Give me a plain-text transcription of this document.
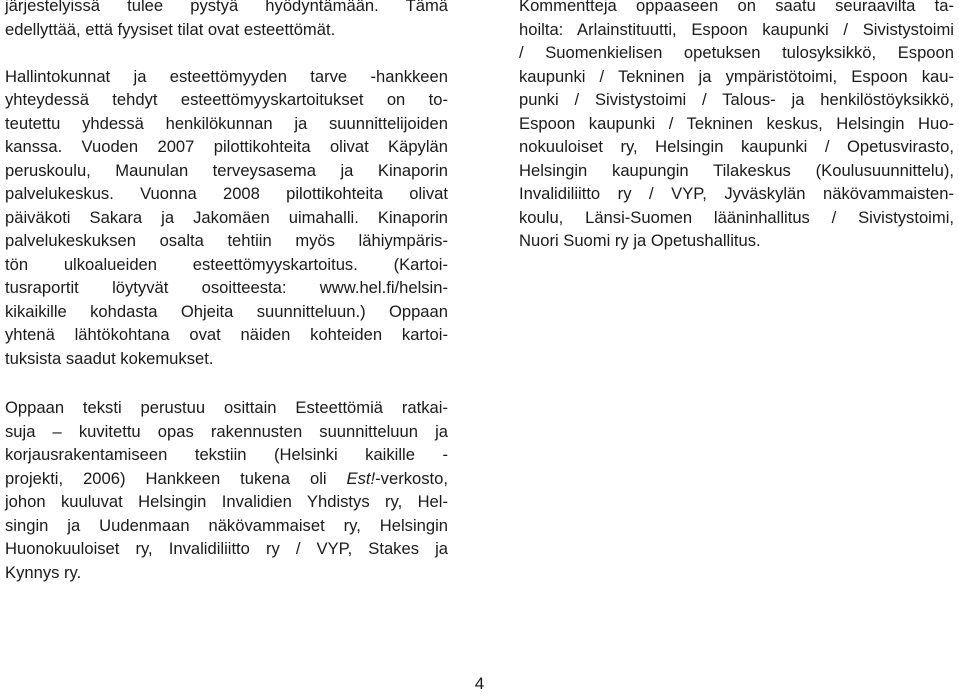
järjestelyissä tulee pystyä hyödyntämään. Tämä
edellyttää, että fyysiset tilat ovat esteettömät.

Hallintokunnat ja esteettömyyden tarve -hankkeen
yhteydessä tehdyt esteettömyyskartoitukset on to-
teutettu yhdessä henkilökunnan ja suunnittelijoiden
kanssa. Vuoden 2007 pilottikohteita olivat Käpylän
peruskoulu, Maunulan terveysasema ja Kinaporin
palvelukeskus. Vuonna 2008 pilottikohteita olivat
päiväkoti Sakara ja Jakomäen uimahalli. Kinaporin
palvelukeskuksen osalta tehtiin myös lähiympäris-
tön ulkoalueiden esteettömyyskartoitus. (Kartoi-
tusraportit löytyvät osoitteesta: www.hel.fi/helsin-
kikaikille kohdasta Ohjeita suunnitteluun.) Oppaan
yhtenä lähtökohtana ovat näiden kohteiden kartoi-
tuksista saadut kokemukset.

Oppaan teksti perustuu osittain Esteettömiä ratkai-
suja – kuvitettu opas rakennusten suunnitteluun ja
korjausrakentamiseen tekstiin (Helsinki kaikille -
projekti, 2006) Hankkeen tukena oli Est!-verkosto,
johon kuuluvat Helsingin Invalidien Yhdistys ry, Hel-
singin ja Uudenmaan näkövammaiset ry, Helsingin
Huonokuuloiset ry, Invalidiliitto ry / VYP, Stakes ja
Kynnys ry.

Kommentteja oppaaseen on saatu seuraavilta ta-
hoilta: Arlainstituutti, Espoon kaupunki / Sivistystoimi
/ Suomenkielisen opetuksen tulosyksikkö, Espoon
kaupunki / Tekninen ja ympäristötoimi, Espoon kau-
punki / Sivistystoimi / Talous- ja henkilöstöyksikkö,
Espoon kaupunki / Tekninen keskus, Helsingin Huo-
nokuuloiset ry, Helsingin kaupunki / Opetusvirasto,
Helsingin kaupungin Tilakeskus (Koulusuunnittelu),
Invalidiliitto ry / VYP, Jyväskylän näkövammaisten-
koulu, Länsi-Suomen lääninhallitus / Sivistystoimi,
Nuori Suomi ry ja Opetushallitus.

4
